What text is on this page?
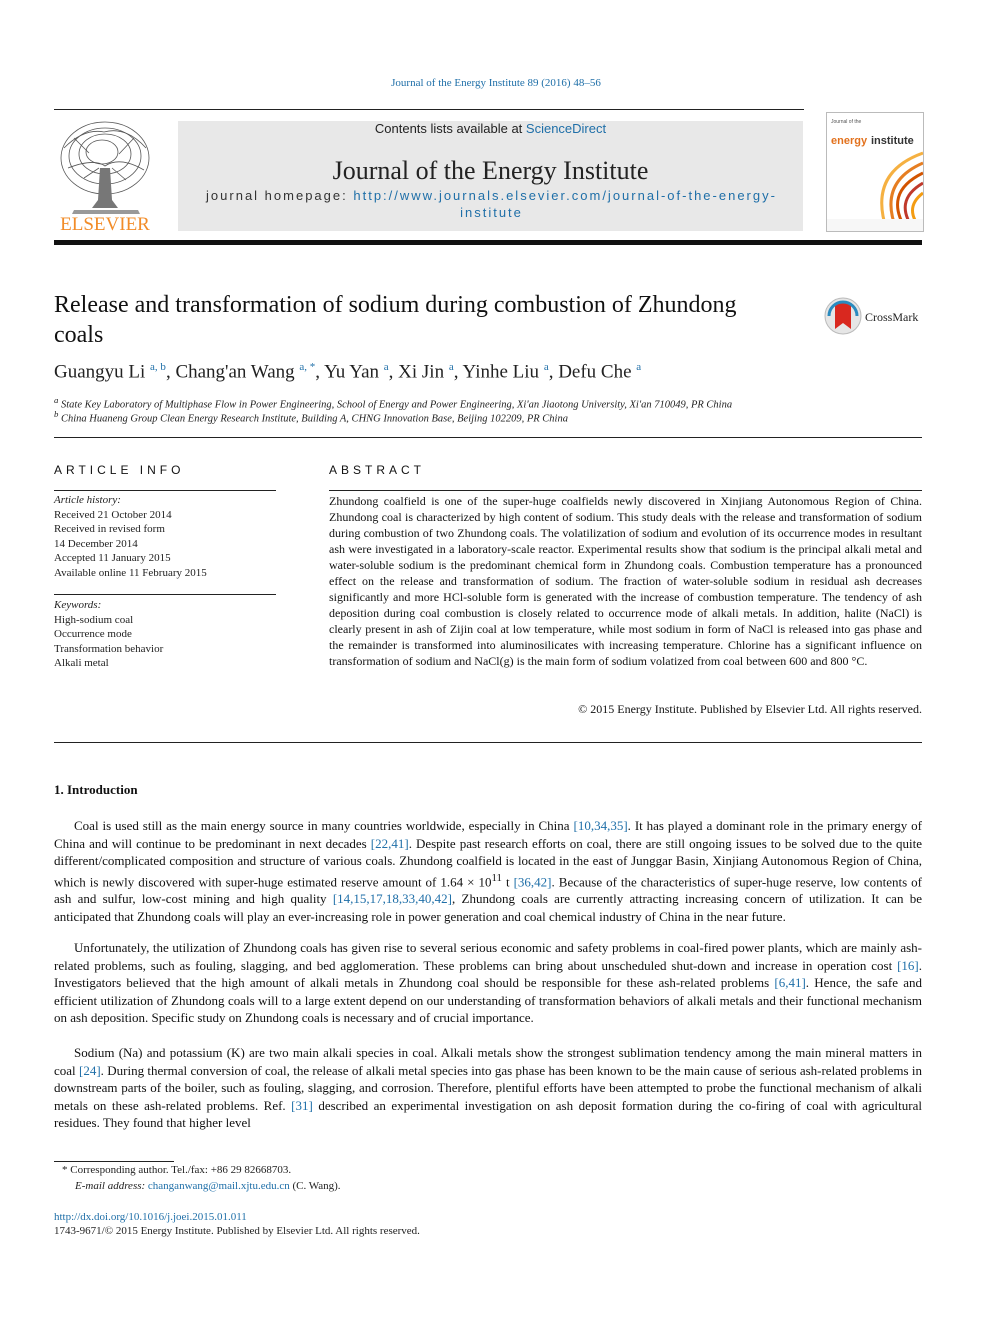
Journal of the Energy Institute 89 (2016) 48–56
ELSEVIER
Contents lists available at ScienceDirect
Journal of the Energy Institute
journal homepage: http://www.journals.elsevier.com/journal-of-the-energy-institute
Journal of the
energy institute
Release and transformation of sodium during combustion of Zhundong coals
CrossMark
Guangyu Li $^{a, b}$, Chang'an Wang $^{a, *}$, Yu Yan $^a$, Xi Jin $^a$, Yinhe Liu $^a$, Defu Che $^a$
$^a$ State Key Laboratory of Multiphase Flow in Power Engineering, School of Energy and Power Engineering, Xi'an Jiaotong University, Xi'an 710049, PR China
$^b$ China Huaneng Group Clean Energy Research Institute, Building A, CHNG Innovation Base, Beijing 102209, PR China
ARTICLE INFO	ABSTRACT
Article history:
Received 21 October 2014
Received in revised form
14 December 2014
Accepted 11 January 2015
Available online 11 February 2015
Keywords:
High-sodium coal
Occurrence mode
Transformation behavior
Alkali metal
Zhundong coalfield is one of the super-huge coalfields newly discovered in Xinjiang Autonomous Region of China. Zhundong coal is characterized by high content of sodium. This study deals with the release and transformation of sodium during combustion of two Zhundong coals. The volatilization of sodium and evolution of its occurrence modes in resultant ash were investigated in a laboratory-scale reactor. Experimental results show that sodium is the principal alkali metal and water-soluble sodium is the predominant chemical form in Zhundong coals. Combustion temperature has a pronounced effect on the release and transformation of sodium. The fraction of water-soluble sodium in residual ash decreases significantly and more HCl-soluble form is generated with the increase of combustion temperature. The tendency of ash deposition during coal combustion is closely related to occurrence mode of alkali metals. In addition, halite (NaCl) is clearly present in ash of Zijin coal at low temperature, while most sodium in form of NaCl is released into gas phase and the remainder is transformed into aluminosilicates with increasing temperature. Chlorine has a significant influence on transformation of sodium and NaCl(g) is the main form of sodium volatized from coal between 600 and 800 °C.
© 2015 Energy Institute. Published by Elsevier Ltd. All rights reserved.
1. Introduction
Coal is used still as the main energy source in many countries worldwide, especially in China [10,34,35]. It has played a dominant role in the primary energy of China and will continue to be predominant in next decades [22,41]. Despite past research efforts on coal, there are still ongoing issues to be solved due to the quite different/complicated composition and structure of various coals. Zhundong coalfield is located in the east of Junggar Basin, Xinjiang Autonomous Region of China, which is newly discovered with super-huge estimated reserve amount of $1.64 \times 10^{11}$ t [36,42]. Because of the characteristics of super-huge reserve, low contents of ash and sulfur, low-cost mining and high quality [14,15,17,18,33,40,42], Zhundong coals are currently attracting increasing concern of utilization. It can be anticipated that Zhundong coals will play an ever-increasing role in power generation and coal chemical industry of China in the near future.
Unfortunately, the utilization of Zhundong coals has given rise to several serious economic and safety problems in coal-fired power plants, which are mainly ash-related problems, such as fouling, slagging, and bed agglomeration. These problems can bring about unscheduled shut-down and increase in operation cost [16]. Investigators believed that the high amount of alkali metals in Zhundong coal should be responsible for these ash-related problems [6,41]. Hence, the safe and efficient utilization of Zhundong coals will to a large extent depend on our understanding of transformation behaviors of alkali metals and their functional mechanism on ash deposition. Specific study on Zhundong coals is necessary and of crucial importance.
Sodium (Na) and potassium (K) are two main alkali species in coal. Alkali metals show the strongest sublimation tendency among the main mineral matters in coal [24]. During thermal conversion of coal, the release of alkali metal species into gas phase has been known to be the main cause of serious ash-related problems in downstream parts of the boiler, such as fouling, slagging, and corrosion. Therefore, plentiful efforts have been attempted to probe the functional mechanism of alkali metals on these ash-related problems. Ref. [31] described an experimental investigation on ash deposit formation during the co-firing of coal with agricultural residues. They found that higher level
* Corresponding author. Tel./fax: +86 29 82668703.
E-mail address: changanwang@mail.xjtu.edu.cn (C. Wang).
http://dx.doi.org/10.1016/j.joei.2015.01.011
1743-9671/© 2015 Energy Institute. Published by Elsevier Ltd. All rights reserved.
